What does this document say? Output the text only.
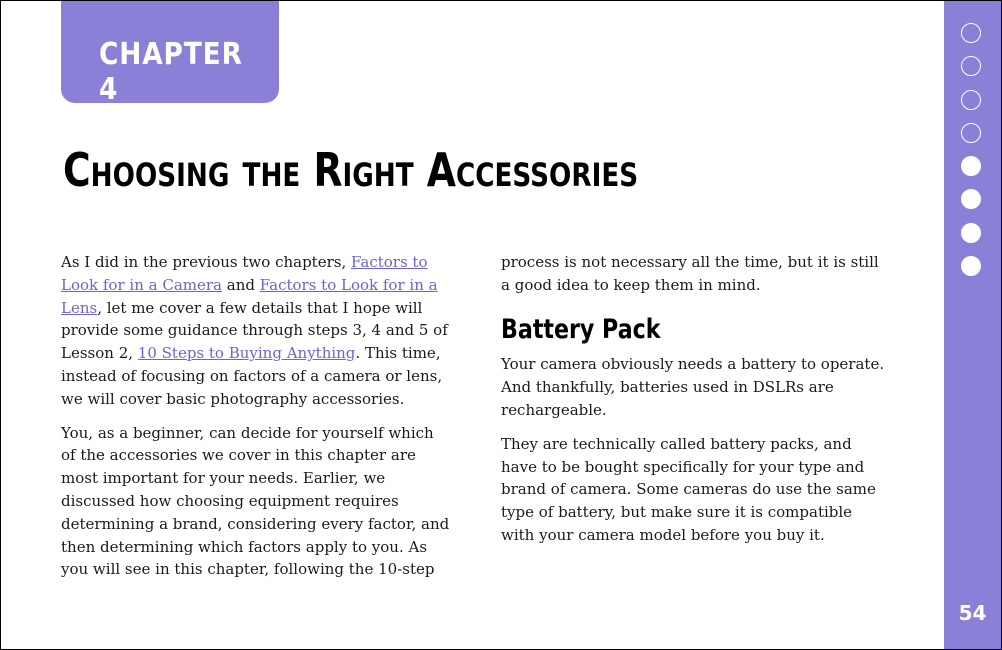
CHAPTER 4
Choosing the Right Accessories

As I did in the previous two chapters, Factors to Look for in a Camera and Factors to Look for in a Lens, let me cover a few details that I hope will provide some guidance through steps 3, 4 and 5 of Lesson 2, 10 Steps to Buying Anything. This time, instead of focusing on factors of a camera or lens, we will cover basic photography accessories.

You, as a beginner, can decide for yourself which of the accessories we cover in this chapter are most important for your needs. Earlier, we discussed how choosing equipment requires determining a brand, considering every factor, and then determining which factors apply to you. As you will see in this chapter, following the 10-step

process is not necessary all the time, but it is still a good idea to keep them in mind.

Battery Pack

Your camera obviously needs a battery to operate. And thankfully, batteries used in DSLRs are rechargeable.

They are technically called battery packs, and have to be bought specifically for your type and brand of camera. Some cameras do use the same type of battery, but make sure it is compatible with your camera model before you buy it.

54
